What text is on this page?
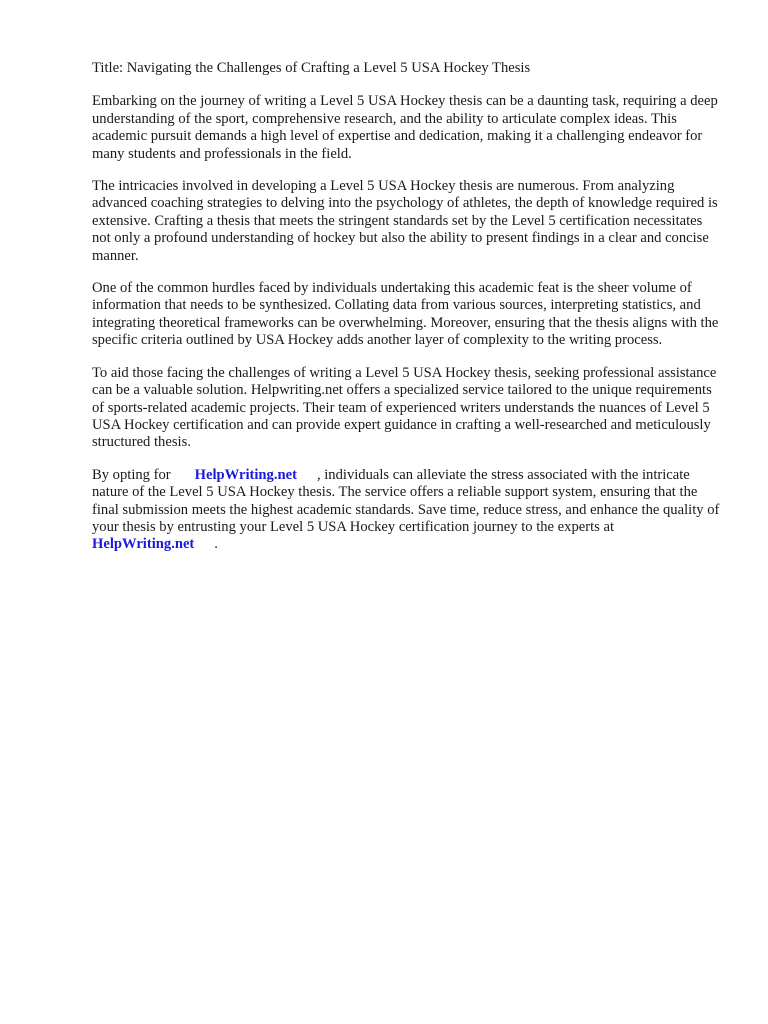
Title: Navigating the Challenges of Crafting a Level 5 USA Hockey Thesis

Embarking on the journey of writing a Level 5 USA Hockey thesis can be a daunting task, requiring a deep understanding of the sport, comprehensive research, and the ability to articulate complex ideas. This academic pursuit demands a high level of expertise and dedication, making it a challenging endeavor for many students and professionals in the field.

The intricacies involved in developing a Level 5 USA Hockey thesis are numerous. From analyzing advanced coaching strategies to delving into the psychology of athletes, the depth of knowledge required is extensive. Crafting a thesis that meets the stringent standards set by the Level 5 certification necessitates not only a profound understanding of hockey but also the ability to present findings in a clear and concise manner.

One of the common hurdles faced by individuals undertaking this academic feat is the sheer volume of information that needs to be synthesized. Collating data from various sources, interpreting statistics, and integrating theoretical frameworks can be overwhelming. Moreover, ensuring that the thesis aligns with the specific criteria outlined by USA Hockey adds another layer of complexity to the writing process.

To aid those facing the challenges of writing a Level 5 USA Hockey thesis, seeking professional assistance can be a valuable solution. Helpwriting.net offers a specialized service tailored to the unique requirements of sports-related academic projects. Their team of experienced writers understands the nuances of Level 5 USA Hockey certification and can provide expert guidance in crafting a well-researched and meticulously structured thesis.

By opting for HelpWriting.net , individuals can alleviate the stress associated with the intricate nature of the Level 5 USA Hockey thesis. The service offers a reliable support system, ensuring that the final submission meets the highest academic standards. Save time, reduce stress, and enhance the quality of your thesis by entrusting your Level 5 USA Hockey certification journey to the experts atHelpWriting.net .
